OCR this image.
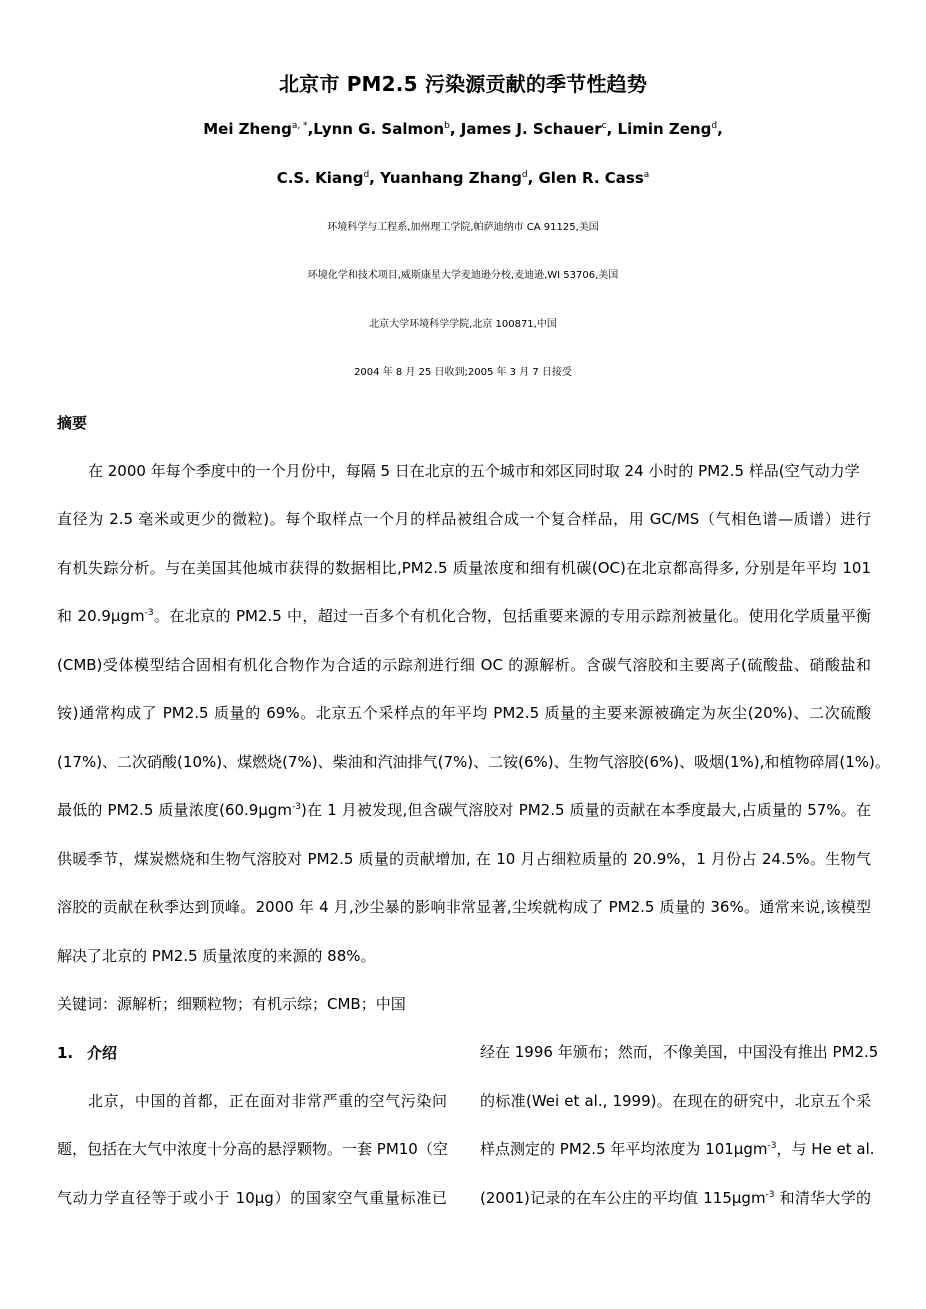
北京市 PM2.5 污染源贡献的季节性趋势
Mei Zheng$^{a, *}$,Lynn G. Salmon$^b$, James J. Schauer$^c$, Limin Zeng$^d$,
C.S. Kiang$^d$, Yuanhang Zhang$^d$, Glen R. Cass$^a$
环境科学与工程系,加州理工学院,帕萨迪纳市 CA 91125,美国
环境化学和技术项目,威斯康星大学麦迪逊分校,麦迪逊,WI 53706,美国
北京大学环境科学学院,北京 100871,中国
2004 年 8 月 25 日收到;2005 年 3 月 7 日接受
摘要
在 2000 年每个季度中的一个月份中，每隔 5 日在北京的五个城市和郊区同时取 24 小时的 PM2.5 样品(空气动力学
直径为 2.5 毫米或更少的微粒)。每个取样点一个月的样品被组合成一个复合样品，用 GC/MS（气相色谱—质谱）进行
有机失踪分析。与在美国其他城市获得的数据相比,PM2.5 质量浓度和细有机碳(OC)在北京都高得多, 分别是年平均 101
和 20.9μgm$^{-3}$。在北京的 PM2.5 中，超过一百多个有机化合物，包括重要来源的专用示踪剂被量化。使用化学质量平衡
(CMB)受体模型结合固相有机化合物作为合适的示踪剂进行细 OC 的源解析。含碳气溶胶和主要离子(硫酸盐、硝酸盐和
铵)通常构成了 PM2.5 质量的 69%。北京五个采样点的年平均 PM2.5 质量的主要来源被确定为灰尘(20%)、二次硫酸
(17%)、二次硝酸(10%)、煤燃烧(7%)、柴油和汽油排气(7%)、二铵(6%)、生物气溶胶(6%)、吸烟(1%),和植物碎屑(1%)。
最低的 PM2.5 质量浓度(60.9μgm$^{-3}$)在 1 月被发现,但含碳气溶胶对 PM2.5 质量的贡献在本季度最大,占质量的 57%。在
供暖季节，煤炭燃烧和生物气溶胶对 PM2.5 质量的贡献增加, 在 10 月占细粒质量的 20.9%，1 月份占 24.5%。生物气
溶胶的贡献在秋季达到顶峰。2000 年 4 月,沙尘暴的影响非常显著,尘埃就构成了 PM2.5 质量的 36%。通常来说,该模型
解决了北京的 PM2.5 质量浓度的来源的 88%。
关键词：源解析；细颗粒物；有机示综；CMB；中国
1. 介绍
北京，中国的首都，正在面对非常严重的空气污染问
题，包括在大气中浓度十分高的悬浮颗物。一套 PM10（空
气动力学直径等于或小于 10μg）的国家空气重量标准已
经在 1996 年颁布；然而，不像美国，中国没有推出 PM2.5
的标准(Wei et al., 1999)。在现在的研究中，北京五个采
样点测定的 PM2.5 年平均浓度为 101μgm$^{-3}$，与 He et al.
(2001)记录的在车公庄的平均值 115μgm$^{-3}$ 和清华大学的
